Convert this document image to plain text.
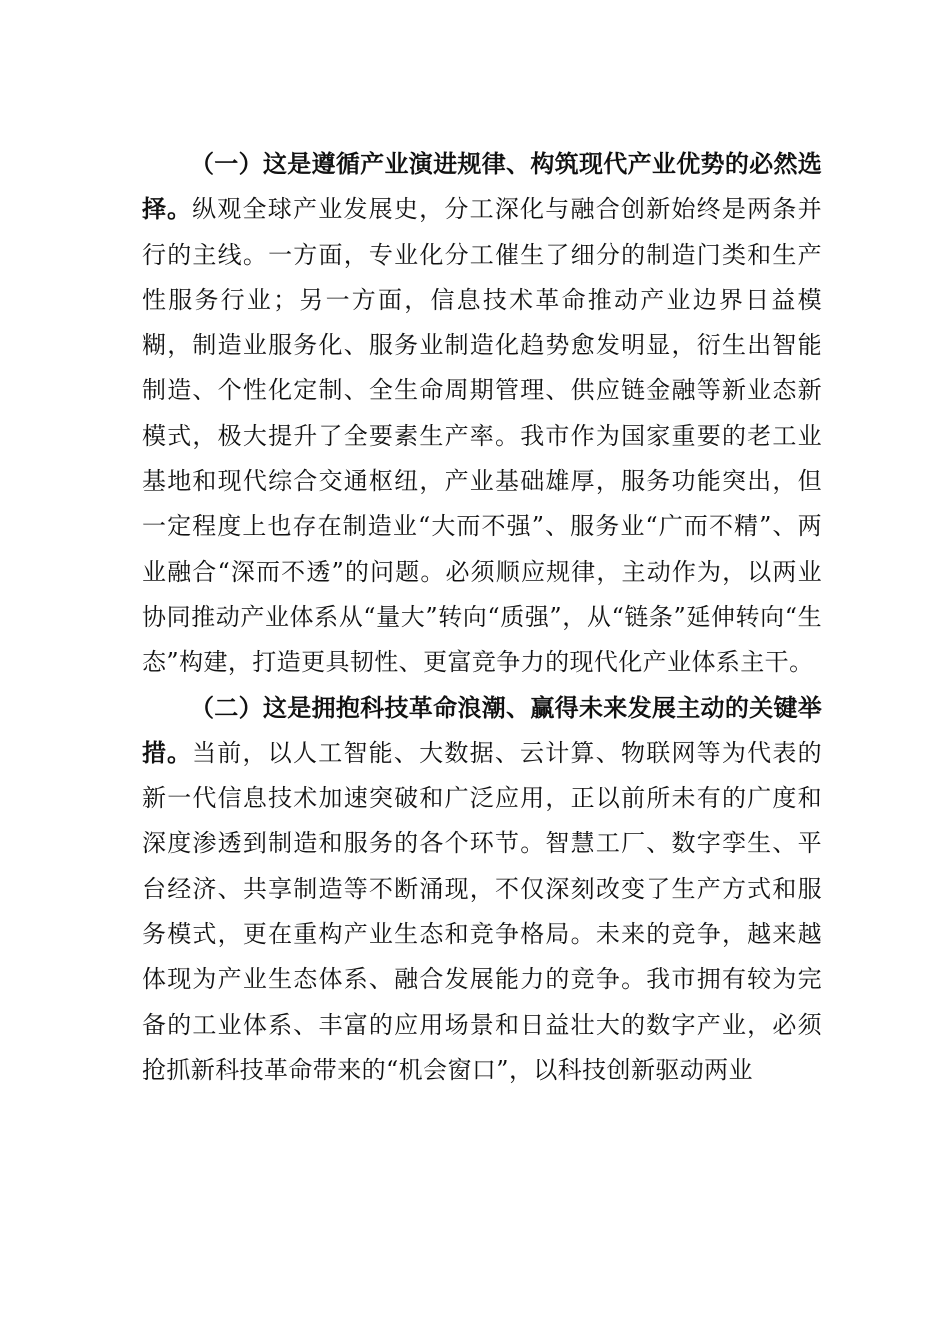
（一）这是遵循产业演进规律、构筑现代产业优势的必然选择。纵观全球产业发展史，分工深化与融合创新始终是两条并行的主线。一方面，专业化分工催生了细分的制造门类和生产性服务行业；另一方面，信息技术革命推动产业边界日益模糊，制造业服务化、服务业制造化趋势愈发明显，衍生出智能制造、个性化定制、全生命周期管理、供应链金融等新业态新模式，极大提升了全要素生产率。我市作为国家重要的老工业基地和现代综合交通枢纽，产业基础雄厚，服务功能突出，但一定程度上也存在制造业“大而不强”、服务业“广而不精”、两业融合“深而不透”的问题。必须顺应规律，主动作为，以两业协同推动产业体系从“量大”转向“质强”，从“链条”延伸转向“生态”构建，打造更具韧性、更富竞争力的现代化产业体系主干。

（二）这是拥抱科技革命浪潮、赢得未来发展主动的关键举措。当前，以人工智能、大数据、云计算、物联网等为代表的新一代信息技术加速突破和广泛应用，正以前所未有的广度和深度渗透到制造和服务的各个环节。智慧工厂、数字孪生、平台经济、共享制造等不断涌现，不仅深刻改变了生产方式和服务模式，更在重构产业生态和竞争格局。未来的竞争，越来越体现为产业生态体系、融合发展能力的竞争。我市拥有较为完备的工业体系、丰富的应用场景和日益壮大的数字产业，必须抢抓新科技革命带来的“机会窗口”，以科技创新驱动两业
